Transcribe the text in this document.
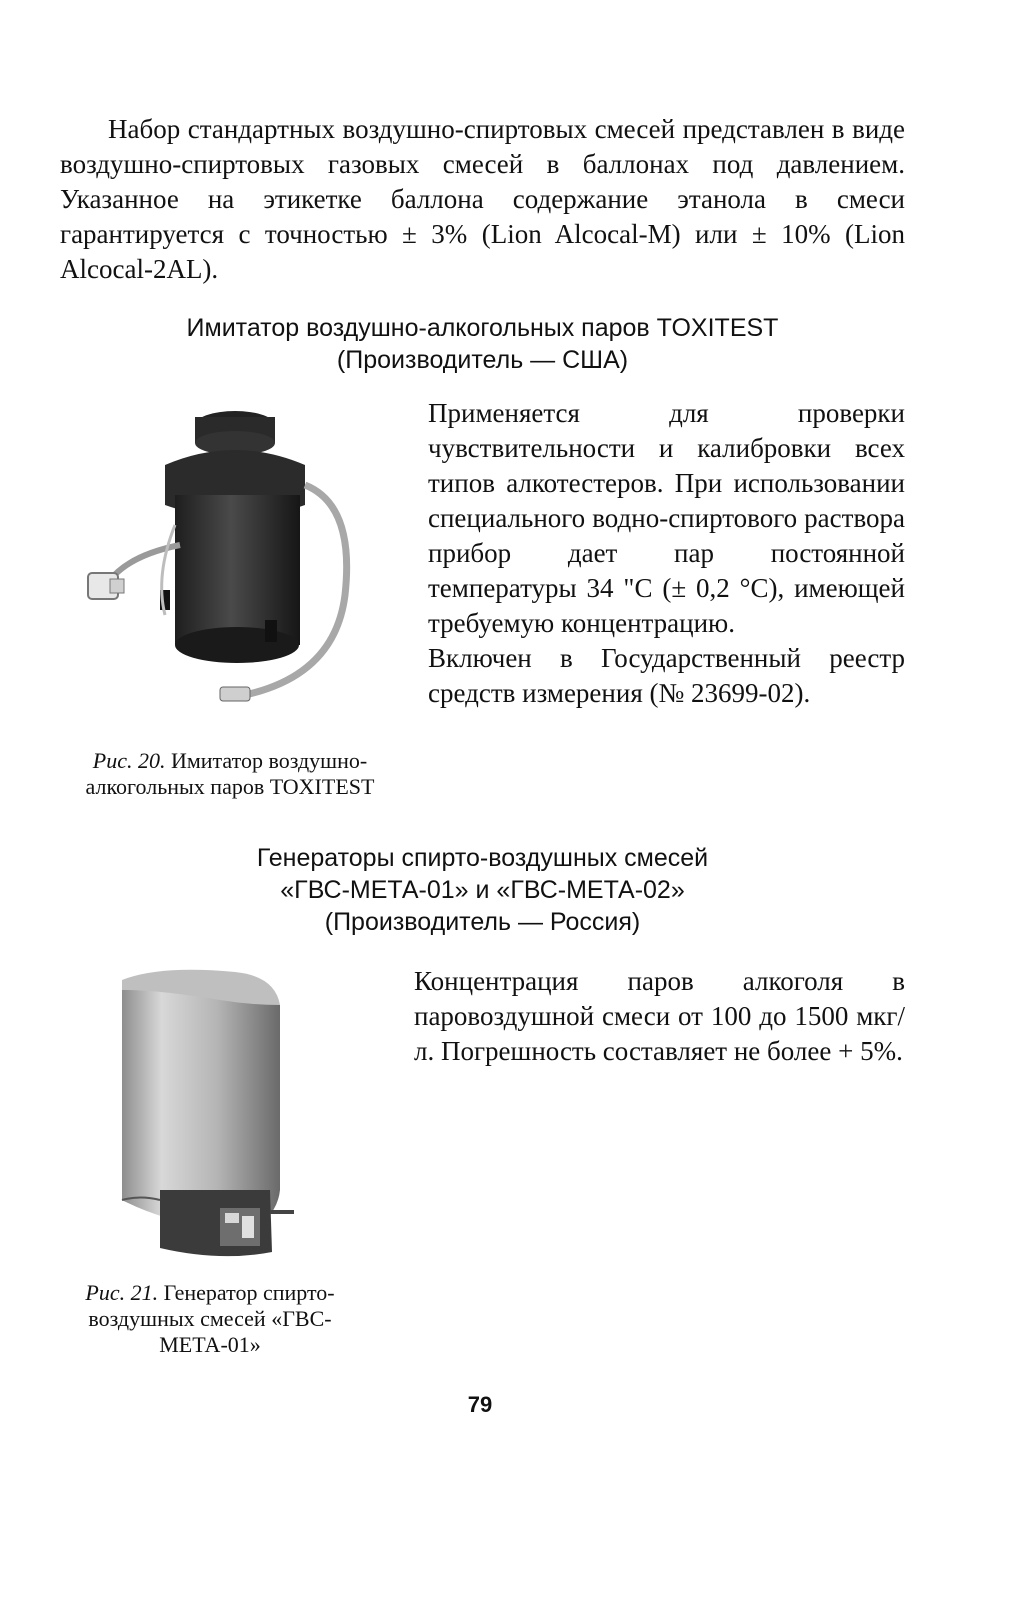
Набор стандартных воздушно-спиртовых смесей представлен в виде воздушно-спиртовых газовых смесей в баллонах под давлением. Указанное на этикетке баллона содержание этанола в смеси гарантируется с точностью ± 3% (Lion Alcocal-M) или ± 10% (Lion Alcocal-2AL).

Имитатор воздушно-алкогольных паров TOXITEST
(Производитель — США)

Применяется для проверки чувствительности и калибровки всех типов алкотестеров. При использовании специального водно-спиртового раствора прибор дает пар постоянной температуры 34 "С (± 0,2 °С), имеющей требуемую концентрацию.

Включен в Государственный реестр средств измерения (№ 23699-02).

Рис. 20. Имитатор воздушно-алкогольных паров TOXITEST

Генераторы спирто-воздушных смесей
«ГВС-МЕТА-01» и «ГВС-МЕТА-02»
(Производитель — Россия)

Концентрация паров алкоголя в паровоздушной смеси от 100 до 1500 мкг/л. Погрешность составляет не более + 5%.

Рис. 21. Генератор спирто-воздушных смесей «ГВС-МЕТА-01»

79
